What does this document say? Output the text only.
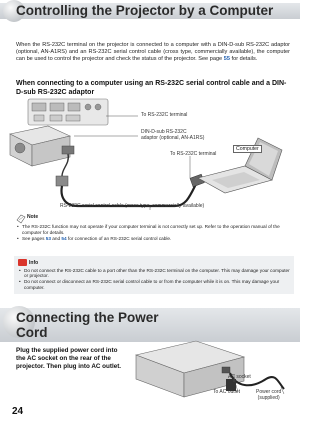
Controlling the Projector by a Computer
When the RS-232C terminal on the projector is connected to a computer with a DIN-D-sub RS-232C adaptor (optional, AN-A1RS) and an RS-232C serial control cable (cross type, commercially available), the computer can be used to control the projector and check the status of the projector. See page 55 for details.
When connecting to a computer using an RS-232C serial control cable and a DIN-D-sub RS-232C adaptor
To RS-232C terminal
DIN-D-sub RS-232C
adaptor (optional, AN-A1RS)
To RS-232C terminal
Computer
RS-232C serial control cable (cross type, commercially available)
Note
• The RS-232C function may not operate if your computer terminal is not correctly set up. Refer to the operation manual of the computer for details.
• See pages 53 and 54 for connection of an RS-232C serial control cable.
Info
• Do not connect the RS-232C cable to a port other than the RS-232C terminal on the computer. This may damage your computer or projector.
• Do not connect or disconnect an RS-232C serial control cable to or from the computer while it is on. This may damage your computer.
Connecting the Power
Cord
Plug the supplied power cord into the AC socket on the rear of the projector. Then plug into AC outlet.
AC socket
To AC outlet	Power cord
(supplied)
24
